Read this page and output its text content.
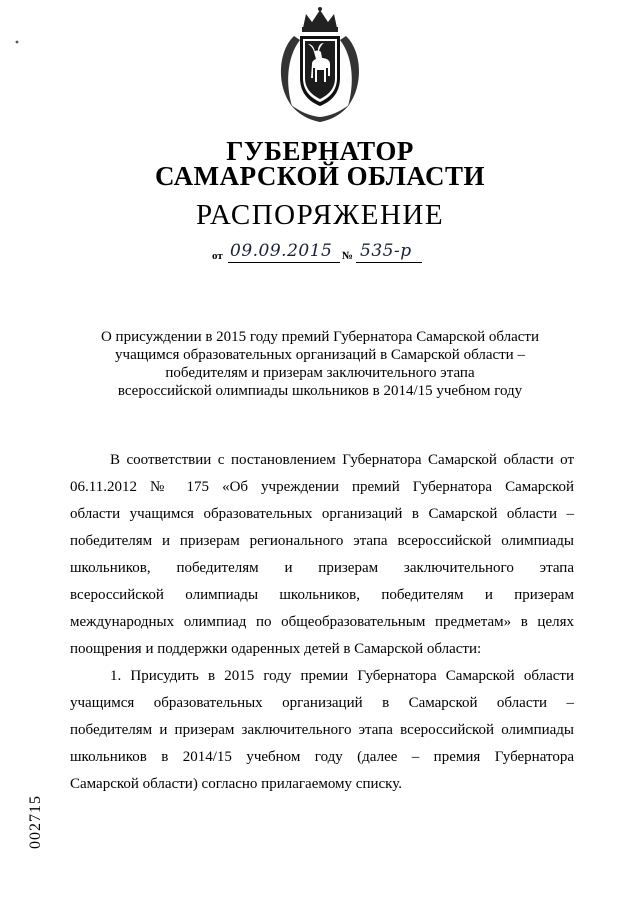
ГУБЕРНАТОР
САМАРСКОЙ ОБЛАСТИ
РАСПОРЯЖЕНИЕ
от 09.09.2015 № 535-р
О присуждении в 2015 году премий Губернатора Самарской области
учащимся образовательных организаций в Самарской области –
победителям и призерам заключительного этапа
всероссийской олимпиады школьников в 2014/15 учебном году
В соответствии с постановлением Губернатора Самарской области от
06.11.2012 № 175 «Об учреждении премий Губернатора Самарской
области учащимся образовательных организаций в Самарской области –
победителям и призерам регионального этапа всероссийской олимпиады
школьников, победителям и призерам заключительного этапа
всероссийской олимпиады школьников, победителям и призерам
международных олимпиад по общеобразовательным предметам» в целях
поощрения и поддержки одаренных детей в Самарской области:
1. Присудить в 2015 году премии Губернатора Самарской области
учащимся образовательных организаций в Самарской области –
победителям и призерам заключительного этапа всероссийской олимпиады
школьников в 2014/15 учебном году (далее – премия Губернатора
Самарской области) согласно прилагаемому списку.
002715
